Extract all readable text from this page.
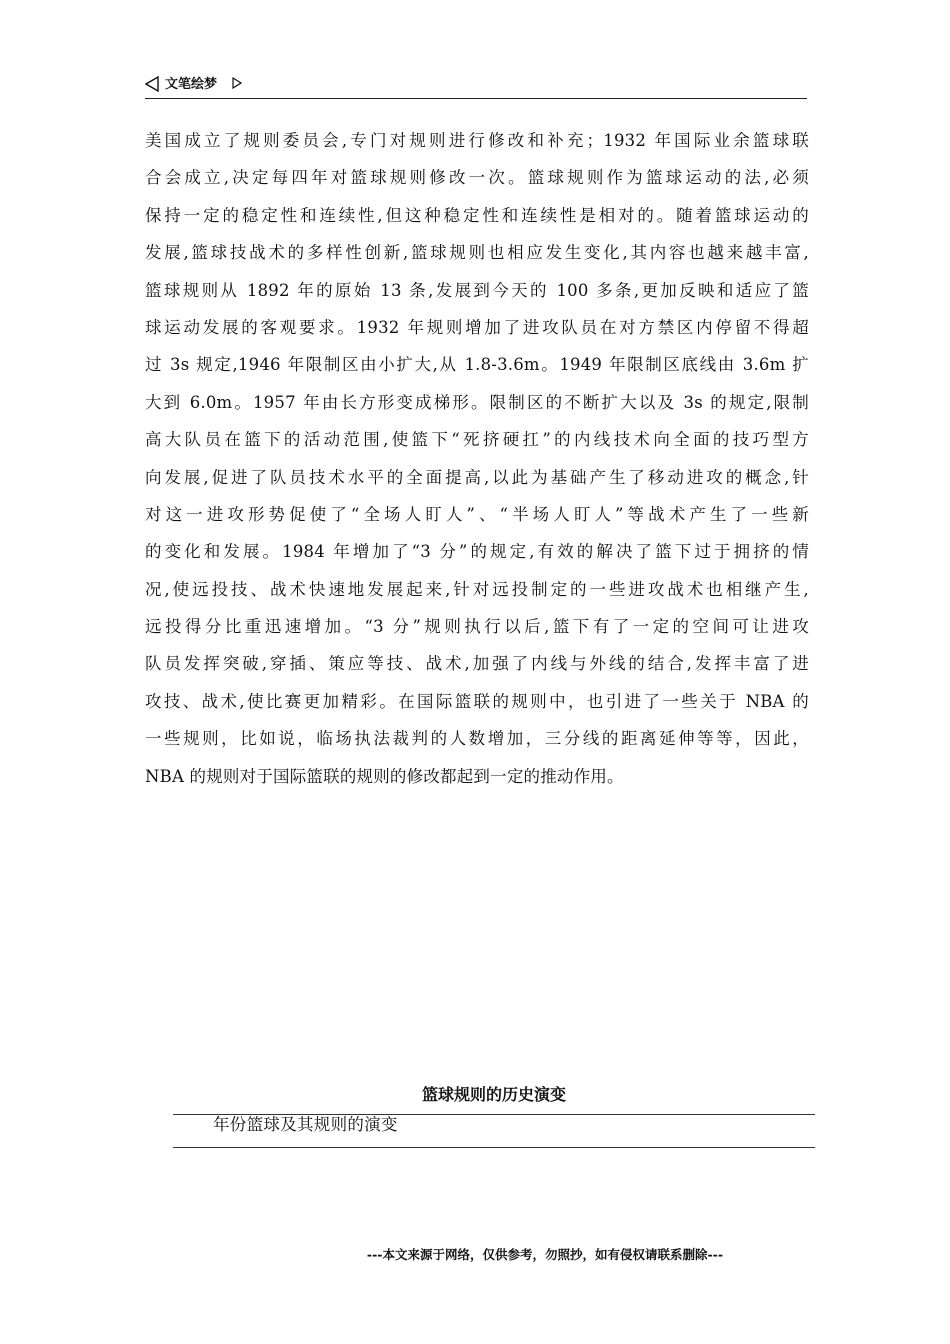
文笔绘梦
美国成立了规则委员会,专门对规则进行修改和补充；1932 年国际业余篮球联
合会成立,决定每四年对篮球规则修改一次。篮球规则作为篮球运动的法,必须
保持一定的稳定性和连续性,但这种稳定性和连续性是相对的。随着篮球运动的
发展,篮球技战术的多样性创新,篮球规则也相应发生变化,其内容也越来越丰富,
篮球规则从 1892 年的原始 13 条,发展到今天的 100 多条,更加反映和适应了篮
球运动发展的客观要求。1932 年规则增加了进攻队员在对方禁区内停留不得超
过 3s 规定,1946 年限制区由小扩大,从 1.8-3.6m。1949 年限制区底线由 3.6m 扩
大到 6.0m。1957 年由长方形变成梯形。限制区的不断扩大以及 3s 的规定,限制
高大队员在篮下的活动范围,使篮下“死挤硬扛”的内线技术向全面的技巧型方
向发展,促进了队员技术水平的全面提高,以此为基础产生了移动进攻的概念,针
对这一进攻形势促使了“全场人盯人”、“半场人盯人”等战术产生了一些新
的变化和发展。1984 年增加了“3 分”的规定,有效的解决了篮下过于拥挤的情
况,使远投技、战术快速地发展起来,针对远投制定的一些进攻战术也相继产生,
远投得分比重迅速增加。“3 分”规则执行以后,篮下有了一定的空间可让进攻
队员发挥突破,穿插、策应等技、战术,加强了内线与外线的结合,发挥丰富了进
攻技、战术,使比赛更加精彩。在国际篮联的规则中，也引进了一些关于 NBA 的
一些规则，比如说，临场执法裁判的人数增加，三分线的距离延伸等等，因此，
NBA 的规则对于国际篮联的规则的修改都起到一定的推动作用。
篮球规则的历史演变
年份篮球及其规则的演变
---本文来源于网络，仅供参考，勿照抄，如有侵权请联系删除---
